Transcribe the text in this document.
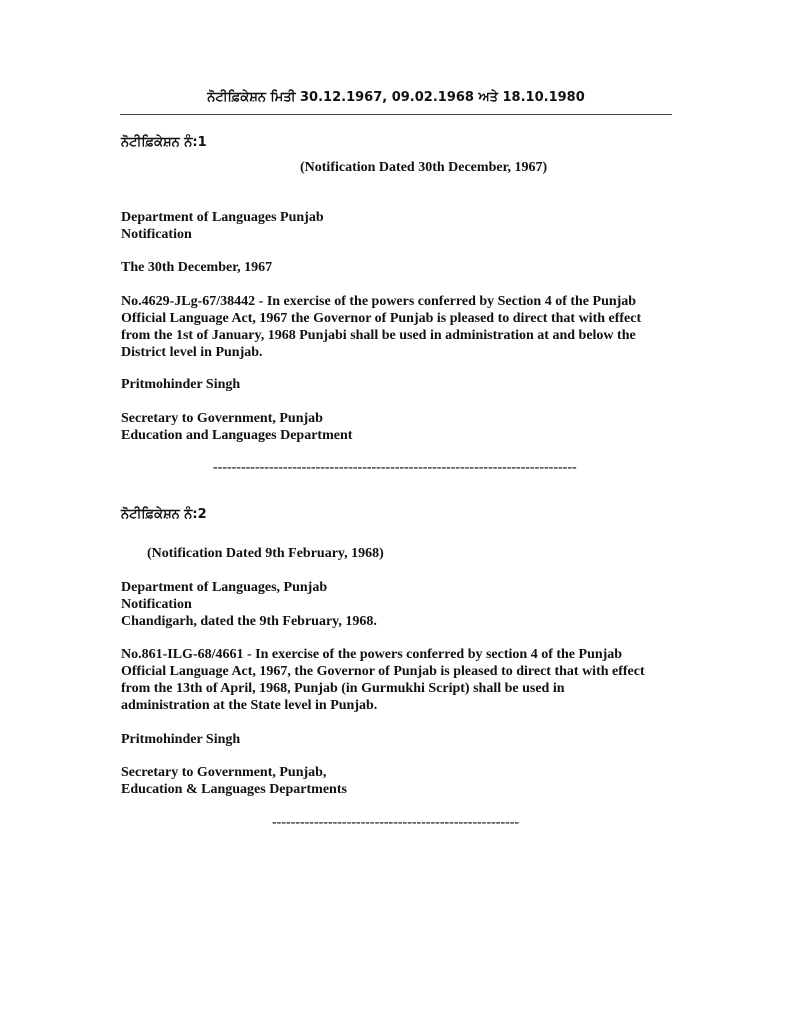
ਨੋਟੀਫ਼ਿਕੇਸ਼ਨ ਮਿਤੀ 30.12.1967, 09.02.1968 ਅਤੇ 18.10.1980
ਨੋਟੀਫ਼ਿਕੇਸ਼ਨ ਨੰ:1
(Notification Dated 30th December, 1967)
Department of Languages Punjab
Notification
The 30th December, 1967
No.4629-JLg-67/38442 - In exercise of the powers conferred by Section 4 of the Punjab
Official Language Act, 1967 the Governor of Punjab is pleased to direct that with effect
from the 1st of January, 1968 Punjabi shall be used in administration at and below the
District level in Punjab.
Pritmohinder Singh
Secretary to Government, Punjab
Education and Languages Department
------------------------------------------------------------------------------
ਨੋਟੀਫ਼ਿਕੇਸ਼ਨ ਨੰ:2
(Notification Dated 9th February, 1968)
Department of Languages, Punjab
Notification
Chandigarh, dated the 9th February, 1968.
No.861-ILG-68/4661 - In exercise of the powers conferred by section 4 of the Punjab
Official Language Act, 1967, the Governor of Punjab is pleased to direct that with effect
from the 13th of April, 1968, Punjab (in Gurmukhi Script) shall be used in
administration at the State level in Punjab.
Pritmohinder Singh
Secretary to Government, Punjab,
Education & Languages Departments
-----------------------------------------------------
